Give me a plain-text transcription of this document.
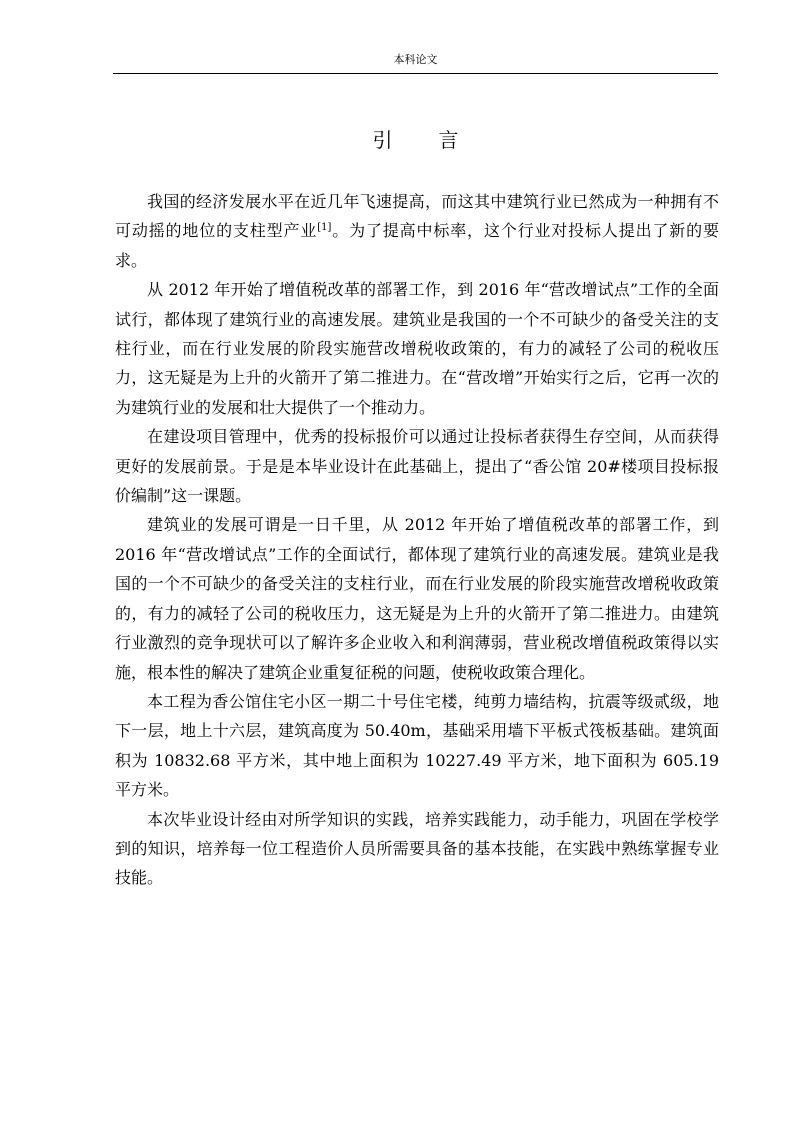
本科论文
引 言

我国的经济发展水平在近几年飞速提高，而这其中建筑行业已然成为一种拥有不可动摇的地位的支柱型产业[1]。为了提高中标率，这个行业对投标人提出了新的要求。

从 2012 年开始了增值税改革的部署工作，到 2016 年“营改增试点”工作的全面试行，都体现了建筑行业的高速发展。建筑业是我国的一个不可缺少的备受关注的支柱行业，而在行业发展的阶段实施营改增税收政策的，有力的减轻了公司的税收压力，这无疑是为上升的火箭开了第二推进力。在“营改增”开始实行之后，它再一次的为建筑行业的发展和壮大提供了一个推动力。

在建设项目管理中，优秀的投标报价可以通过让投标者获得生存空间，从而获得更好的发展前景。于是是本毕业设计在此基础上，提出了“香公馆 20#楼项目投标报价编制”这一课题。

建筑业的发展可谓是一日千里，从 2012 年开始了增值税改革的部署工作，到 2016 年“营改增试点”工作的全面试行，都体现了建筑行业的高速发展。建筑业是我国的一个不可缺少的备受关注的支柱行业，而在行业发展的阶段实施营改增税收政策的，有力的减轻了公司的税收压力，这无疑是为上升的火箭开了第二推进力。由建筑行业激烈的竞争现状可以了解许多企业收入和利润薄弱，营业税改增值税政策得以实施，根本性的解决了建筑企业重复征税的问题，使税收政策合理化。

本工程为香公馆住宅小区一期二十号住宅楼，纯剪力墙结构，抗震等级贰级，地下一层，地上十六层，建筑高度为 50.40m，基础采用墙下平板式筏板基础。建筑面积为 10832.68 平方米，其中地上面积为 10227.49 平方米，地下面积为 605.19 平方米。

本次毕业设计经由对所学知识的实践，培养实践能力，动手能力，巩固在学校学到的知识，培养每一位工程造价人员所需要具备的基本技能，在实践中熟练掌握专业技能。
